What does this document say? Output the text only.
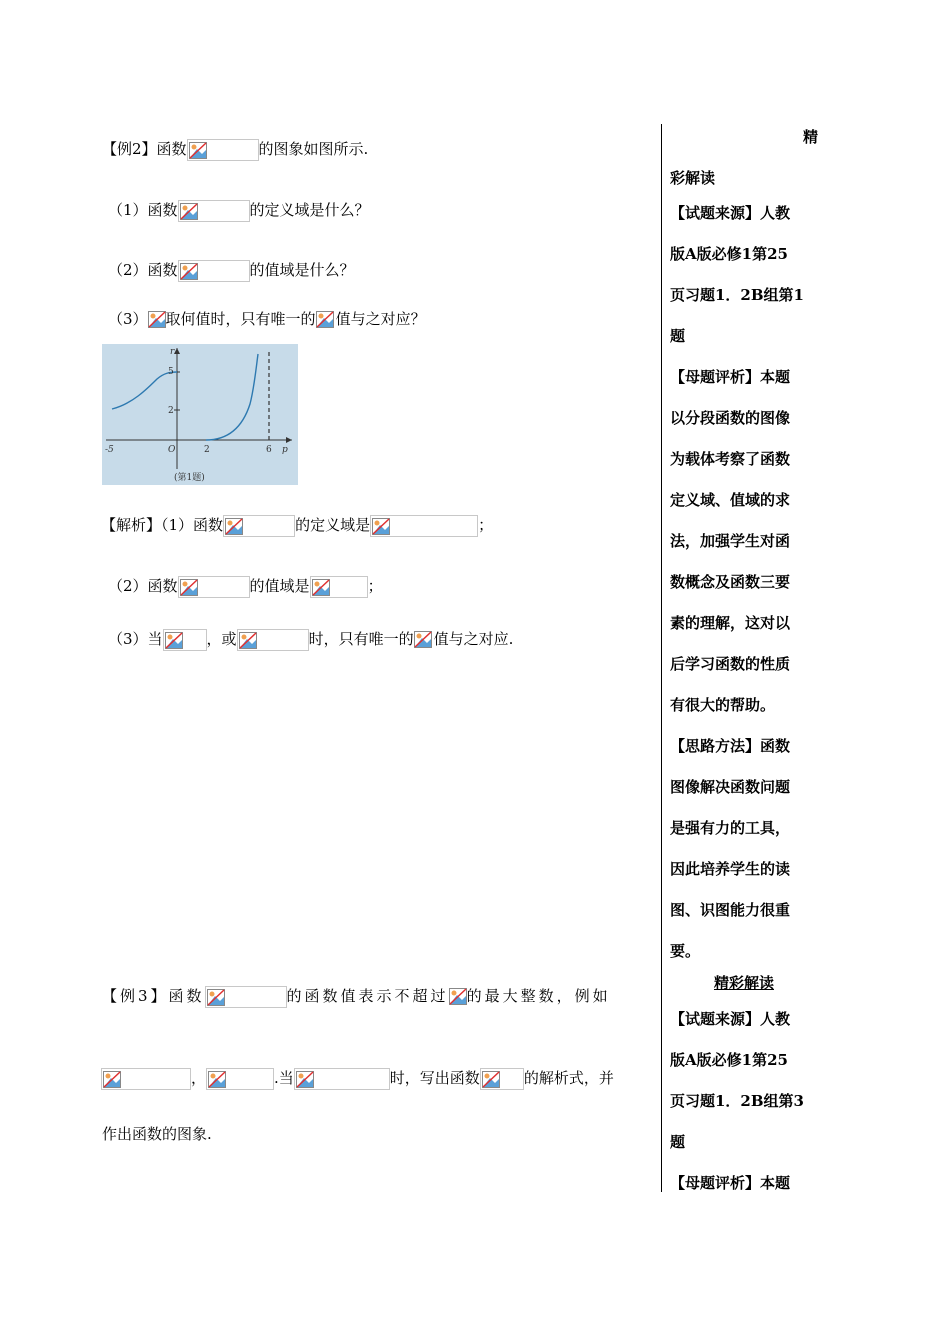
【例2】函数	的图象如图所示.
（1）函数	的定义域是什么？
（2）函数	的值域是什么？
（3） 取何值时，只有唯一的 值与之对应？
-5	O	2	6 p
5
2
r
(第1题)
【解析】（1）函数	的定义域是	；
（2）函数	的值域是	；
（3）当	，或	时，只有唯一的 值与之对应.
【例3】函数	的函数值表示不超过 的最大整数，例如
，	.当	时，写出函数	的解析式，并
作出函数的图象.
精
彩解读

【试题来源】人教

版A版必修1第25

页习题1．2B组第1

题

【母题评析】本题

以分段函数的图像

为载体考察了函数

定义域、值域的求

法，加强学生对函

数概念及函数三要

素的理解，这对以

后学习函数的性质

有很大的帮助。

【思路方法】函数

图像解决函数问题

是强有力的工具，

因此培养学生的读

图、识图能力很重

要。

精彩解读

【试题来源】人教

版A版必修1第25

页习题1．2B组第3

题

【母题评析】本题
